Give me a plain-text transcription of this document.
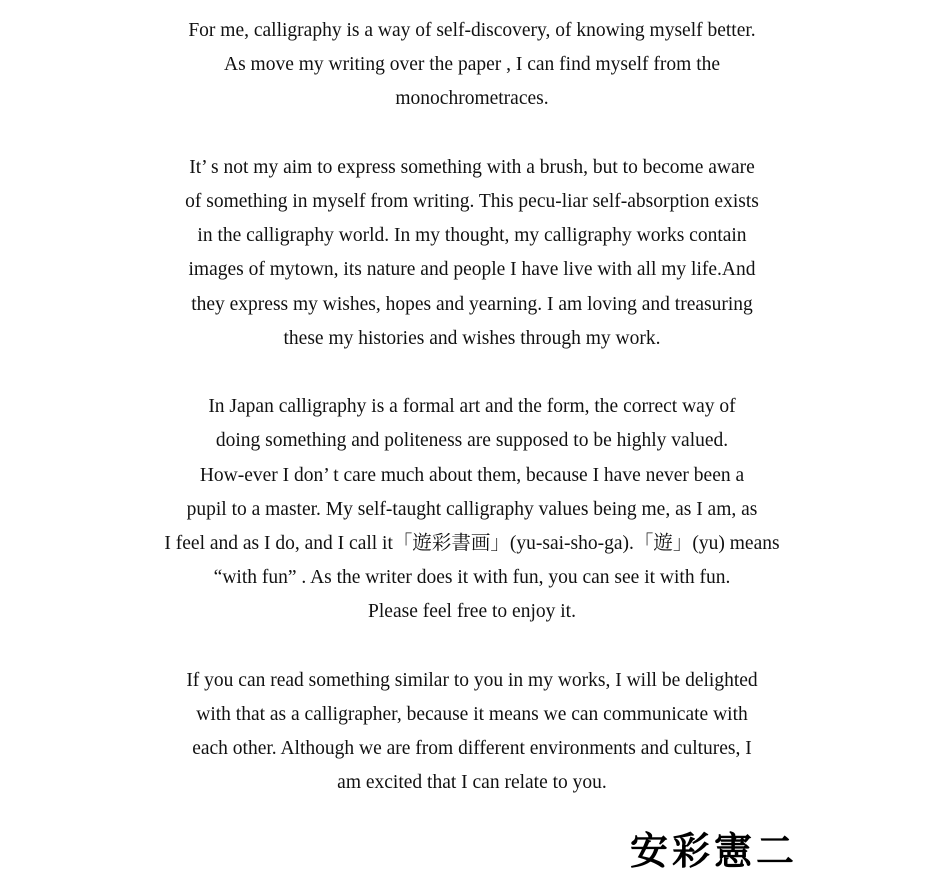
For me, calligraphy is a way of self-discovery, of knowing myself better.
As move my writing over the paper , I can find myself from the
monochrometraces.
It’ s not my aim to express something with a brush, but to become aware
of something in myself from writing. This pecu-liar self-absorption exists
in the calligraphy world. In my thought, my calligraphy works contain
images of mytown, its nature and people I have live with all my life.And
they express my wishes, hopes and yearning. I am loving and treasuring
these my histories and wishes through my work.
In Japan calligraphy is a formal art and the form, the correct way of
doing something and politeness are supposed to be highly valued.
How-ever I don’ t care much about them, because I have never been a
pupil to a master. My self-taught calligraphy values being me, as I am, as
I feel and as I do, and I call it「遊彩書画」(yu-sai-sho-ga).「遊」(yu) means
“with fun” . As the writer does it with fun, you can see it with fun.
Please feel free to enjoy it.
If you can read something similar to you in my works, I will be delighted
with that as a calligrapher, because it means we can communicate with
each other. Although we are from different environments and cultures, I
am excited that I can relate to you.
安彩憲二
